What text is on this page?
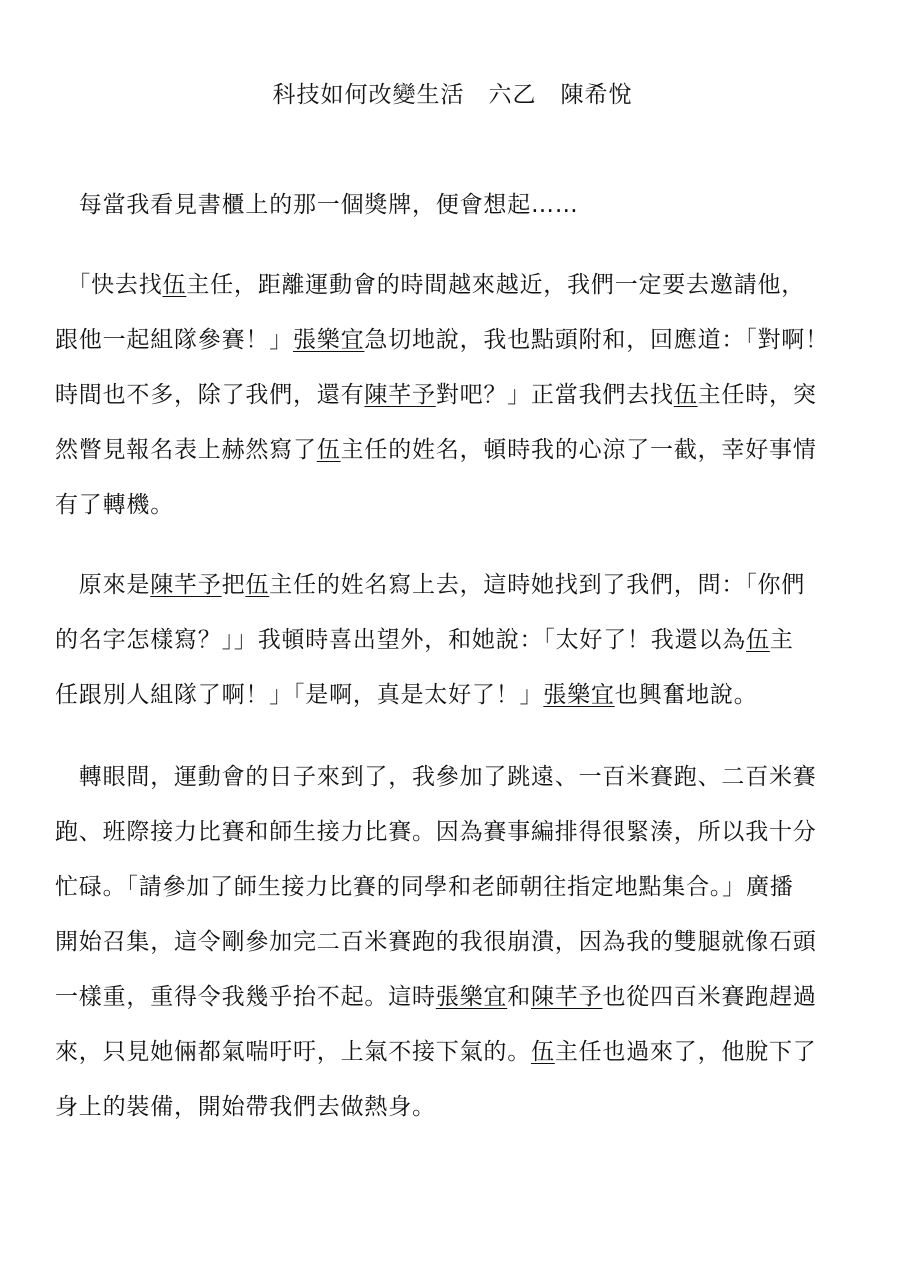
科技如何改變生活　六乙　陳希悅
　每當我看見書櫃上的那一個獎牌，便會想起……
　「快去找伍主任，距離運動會的時間越來越近，我們一定要去邀請他，
跟他一起組隊參賽！」張樂宜急切地說，我也點頭附和，回應道：「對啊！
時間也不多，除了我們，還有陳芊予對吧？」正當我們去找伍主任時，突
然瞥見報名表上赫然寫了伍主任的姓名，頓時我的心涼了一截，幸好事情
有了轉機。
　原來是陳芊予把伍主任的姓名寫上去，這時她找到了我們，問：「你們
的名字怎樣寫？」」我頓時喜出望外，和她說：「太好了！我還以為伍主
任跟別人組隊了啊！」「是啊，真是太好了！」張樂宜也興奮地說。
　轉眼間，運動會的日子來到了，我參加了跳遠、一百米賽跑、二百米賽
跑、班際接力比賽和師生接力比賽。因為賽事編排得很緊湊，所以我十分
忙碌。「請參加了師生接力比賽的同學和老師朝往指定地點集合。」廣播
開始召集，這令剛參加完二百米賽跑的我很崩潰，因為我的雙腿就像石頭
一樣重，重得令我幾乎抬不起。這時張樂宜和陳芊予也從四百米賽跑趕過
來，只見她倆都氣喘吁吁，上氣不接下氣的。伍主任也過來了，他脫下了
身上的裝備，開始帶我們去做熱身。
